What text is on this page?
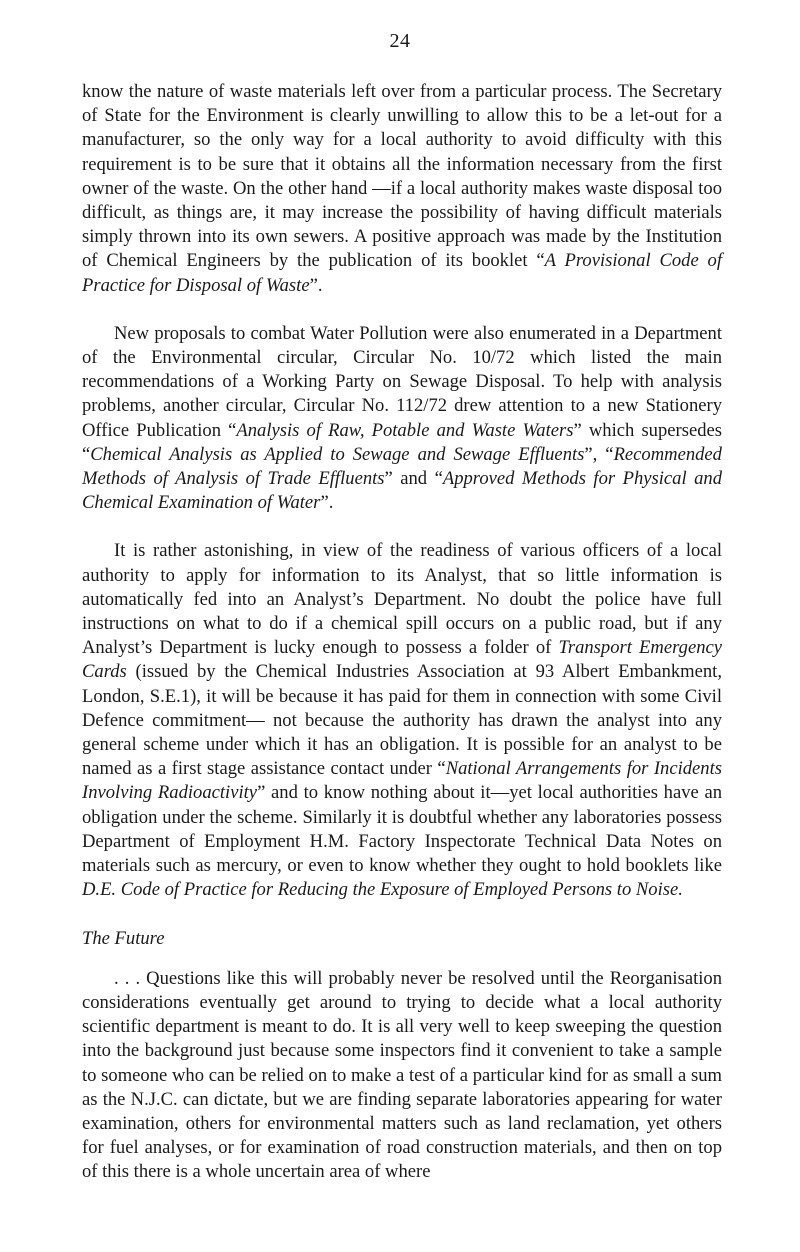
24

know the nature of waste materials left over from a particular process. The Secretary of State for the Environment is clearly unwilling to allow this to be a let-out for a manufacturer, so the only way for a local authority to avoid difficulty with this requirement is to be sure that it obtains all the information necessary from the first owner of the waste. On the other hand —if a local authority makes waste disposal too difficult, as things are, it may increase the possibility of having difficult materials simply thrown into its own sewers. A positive approach was made by the Institution of Chemical Engineers by the publication of its booklet “A Provisional Code of Practice for Disposal of Waste”.

New proposals to combat Water Pollution were also enumerated in a Department of the Environmental circular, Circular No. 10/72 which listed the main recommendations of a Working Party on Sewage Disposal. To help with analysis problems, another circular, Circular No. 112/72 drew attention to a new Stationery Office Publication “Analysis of Raw, Potable and Waste Waters” which supersedes “Chemical Analysis as Applied to Sewage and Sewage Effluents”, “Recommended Methods of Analysis of Trade Effluents” and “Approved Methods for Physical and Chemical Examination of Water”.

It is rather astonishing, in view of the readiness of various officers of a local authority to apply for information to its Analyst, that so little information is automatically fed into an Analyst’s Department. No doubt the police have full instructions on what to do if a chemical spill occurs on a public road, but if any Analyst’s Department is lucky enough to possess a folder of Transport Emergency Cards (issued by the Chemical Industries Association at 93 Albert Embankment, London, S.E.1), it will be because it has paid for them in connection with some Civil Defence commitment— not because the authority has drawn the analyst into any general scheme under which it has an obligation. It is possible for an analyst to be named as a first stage assistance contact under “National Arrangements for Incidents Involving Radioactivity” and to know nothing about it—yet local authorities have an obligation under the scheme. Similarly it is doubtful whether any laboratories possess Department of Employment H.M. Factory Inspectorate Technical Data Notes on materials such as mercury, or even to know whether they ought to hold booklets like D.E. Code of Practice for Reducing the Exposure of Employed Persons to Noise.

The Future

. . . Questions like this will probably never be resolved until the Reorganisation considerations eventually get around to trying to decide what a local authority scientific department is meant to do. It is all very well to keep sweeping the question into the background just because some inspectors find it convenient to take a sample to someone who can be relied on to make a test of a particular kind for as small a sum as the N.J.C. can dictate, but we are finding separate laboratories appearing for water examination, others for environmental matters such as land reclamation, yet others for fuel analyses, or for examination of road construction materials, and then on top of this there is a whole uncertain area of where
